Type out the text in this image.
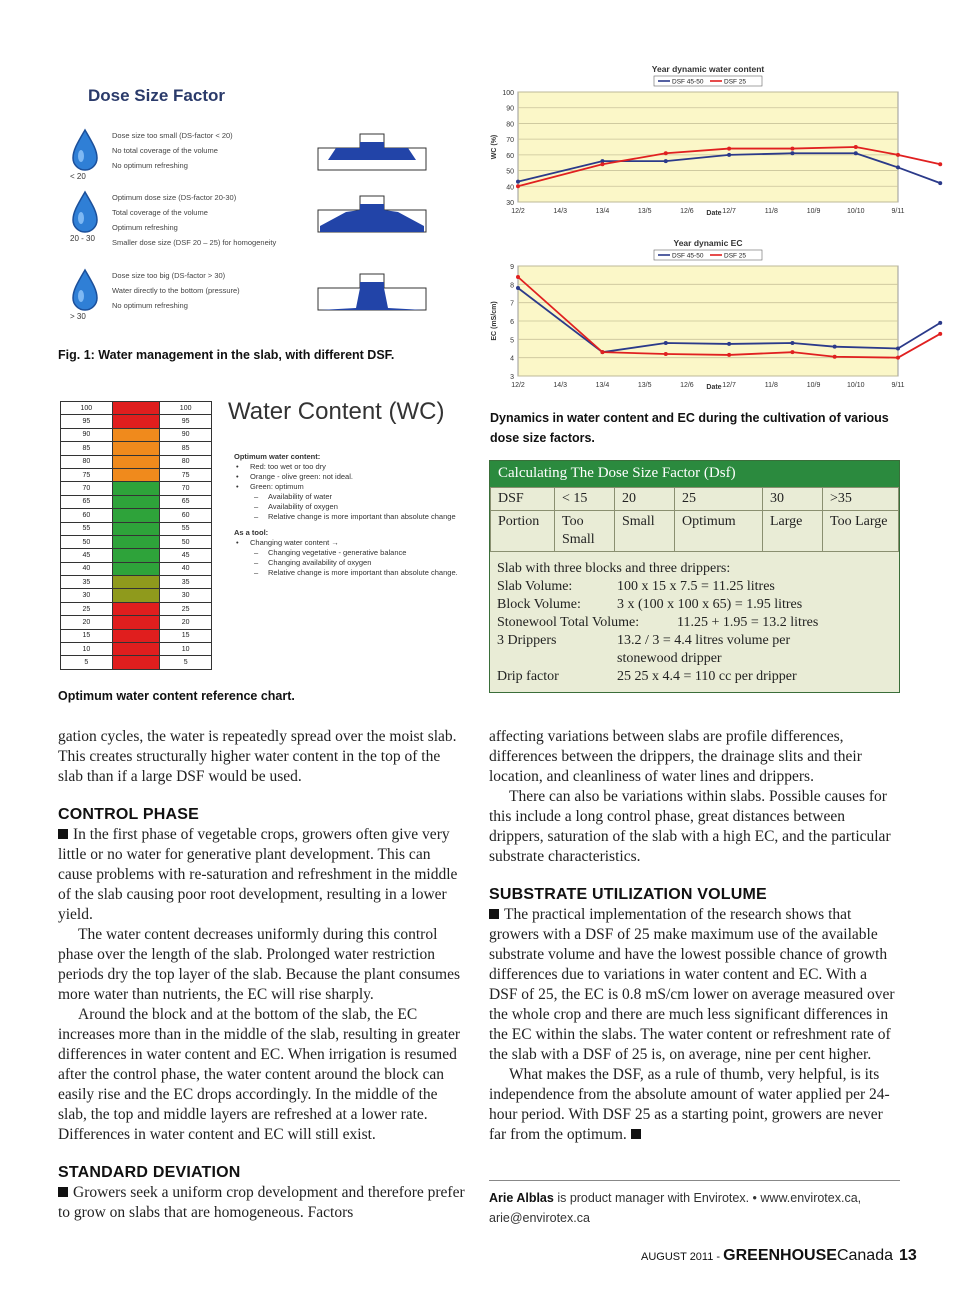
Dose Size Factor
< 20
Dose size too small (DS-factor < 20)
No total coverage of the volume
No optimum refreshing
20 - 30
Optimum dose size (DS-factor 20-30)
Total coverage of the volume
Optimum refreshing
Smaller dose size (DSF 20 – 25) for homogeneity
> 30
Dose size too big (DS-factor > 30)
Water directly to the bottom (pressure)
No optimum refreshing
Fig. 1: Water management in the slab, with different DSF.
100		100
95		95
90		90
85		85
80		80
75		75
70		70
65		65
60		60
55		55
50		50
45		45
40		40
35		35
30		30
25		25
20		20
15		15
10		10
5		5
Water Content (WC)
Optimum water content:
• Red: too wet or too dry
• Orange - olive green: not ideal.
• Green: optimum
– Availability of water
– Availability of oxygen
– Relative change is more important than absolute change
As a tool:
• Changing water content →
– Changing vegetative - generative balance
– Changing availability of oxygen
– Relative change is more important than absolute change.
Optimum water content reference chart.
30
40
50
60
70
80
90
100
12/2	14/3	13/4	13/5	12/6	12/7	11/8	10/9	10/10	9/11
Date
WC (%)
Year dynamic water content
DSF 45-50	DSF 25
3
4
5
6
7
8
9
12/2	14/3	13/4	13/5	12/6	12/7	11/8	10/9	10/10	9/11
Date
EC (mS/cm)
Year dynamic EC
DSF 45-50	DSF 25
Dynamics in water content and EC during the cultivation of various dose size factors.
Calculating The Dose Size Factor (Dsf)
DSF	< 15	20	25	30	>35
Portion	Too Small	Small	Optimum	Large	Too Large
Slab with three blocks and three drippers:
Slab Volume:	100 x 15 x 7.5 = 11.25 litres
Block Volume:	3 x (100 x 100 x 65) = 1.95 litres
Stonewool Total Volume:	11.25 + 1.95 = 13.2 litres
3 Drippers	13.2 / 3 = 4.4 litres volume per
stonewood dripper
Drip factor	25 25 x 4.4 = 110 cc per dripper

gation cycles, the water is repeatedly spread over the moist slab. This creates structurally higher water content in the top of the slab than if a large DSF would be used.

CONTROL PHASE

In the first phase of vegetable crops, growers often give very little or no water for generative plant development. This can cause problems with re-saturation and refreshment in the middle of the slab causing poor root development, resulting in a lower yield.

The water content decreases uniformly during this control phase over the length of the slab. Prolonged water restriction periods dry the top layer of the slab. Because the plant consumes more water than nutrients, the EC will rise sharply.

Around the block and at the bottom of the slab, the EC increases more than in the middle of the slab, resulting in greater differences in water content and EC. When irrigation is resumed after the control phase, the water content around the block can easily rise and the EC drops accordingly. In the middle of the slab, the top and middle layers are refreshed at a lower rate. Differences in water content and EC will still exist.

STANDARD DEVIATION

Growers seek a uniform crop development and therefore prefer to grow on slabs that are homogeneous. Factors

affecting variations between slabs are profile differences, differences between the drippers, the drainage slits and their location, and cleanliness of water lines and drippers.

There can also be variations within slabs. Possible causes for this include a long control phase, great distances between drippers, saturation of the slab with a high EC, and the particular substrate characteristics.

SUBSTRATE UTILIZATION VOLUME

The practical implementation of the research shows that growers with a DSF of 25 make maximum use of the available substrate volume and have the lowest possible chance of growth differences due to variations in water content and EC. With a DSF of 25, the EC is 0.8 mS/cm lower on average measured over the whole crop and there are much less significant differences in the EC within the slabs. The water content or refreshment rate of the slab with a DSF of 25 is, on average, nine per cent higher.

What makes the DSF, as a rule of thumb, very helpful, is its independence from the absolute amount of water applied per 24-hour period. With DSF 25 as a starting point, growers are never far from the optimum.

Arie Alblas is product manager with Envirotex. • www.envirotex.ca, arie@envirotex.ca
AUGUST 2011 - GREENHOUSECanada 13
